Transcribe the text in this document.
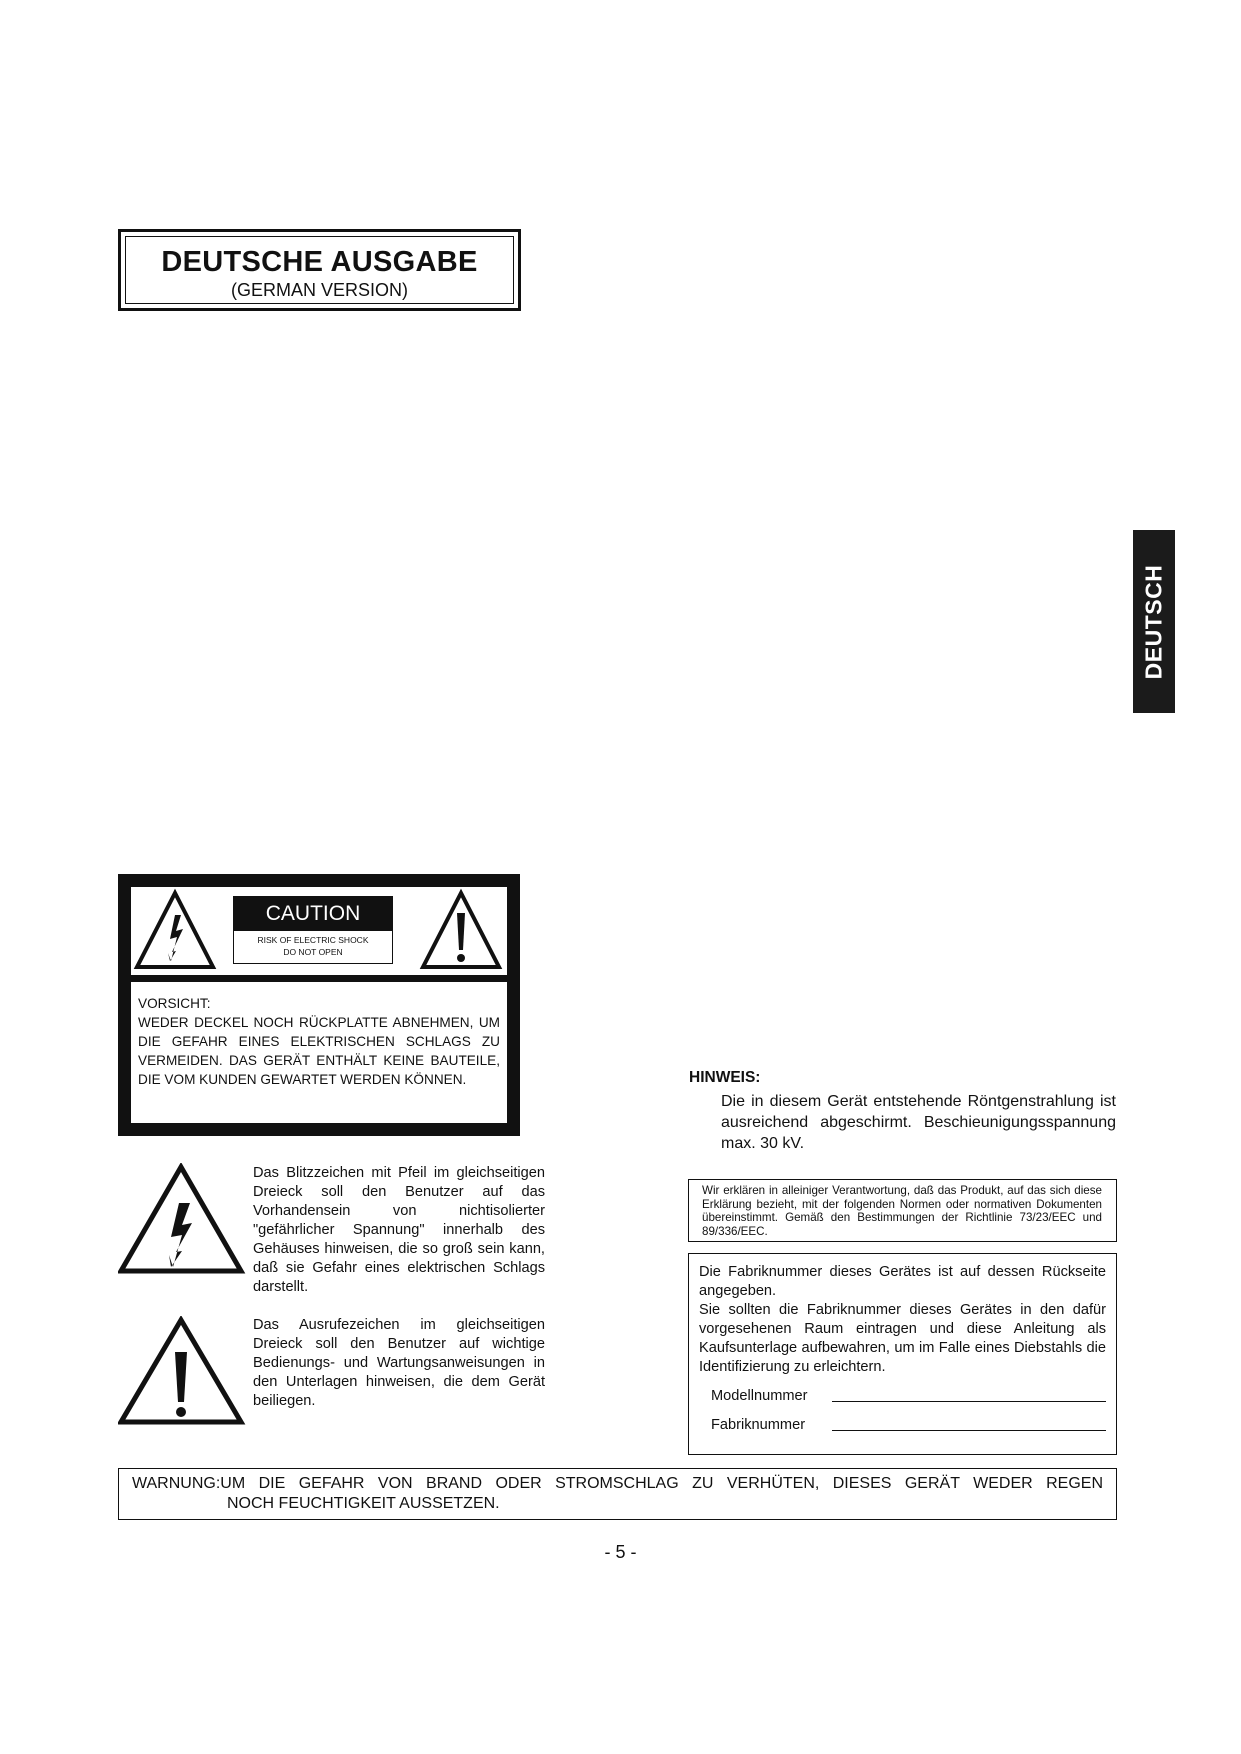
DEUTSCHE AUSGABE
(GERMAN VERSION)
DEUTSCH
VORSICHT:
WEDER DECKEL NOCH RÜCKPLATTE ABNEHMEN, UM DIE GEFAHR EINES ELEKTRISCHEN SCHLAGS ZU VERMEIDEN. DAS GERÄT ENTHÄLT KEINE BAUTEILE, DIE VOM KUNDEN GEWARTET WERDEN KÖNNEN.
CAUTION
RISK OF ELECTRIC SHOCK
DO NOT OPEN
Das Blitzzeichen mit Pfeil im gleichseitigen Dreieck soll den Benutzer auf das Vorhandensein von nichtisolierter "gefährlicher Spannung" innerhalb des Gehäuses hinweisen, die so groß sein kann, daß sie Gefahr eines elektrischen Schlags darstellt.
Das Ausrufezeichen im gleichseitigen Dreieck soll den Benutzer auf wichtige Bedienungs- und Wartungsanweisungen in den Unterlagen hinweisen, die dem Gerät beiliegen.
HINWEIS:
Die in diesem Gerät entstehende Röntgenstrahlung ist ausreichend abgeschirmt. Beschieunigungsspannung max. 30 kV.
Wir erklären in alleiniger Verantwortung, daß das Produkt, auf das sich diese Erklärung bezieht, mit der folgenden Normen oder normativen Dokumenten übereinstimmt. Gemäß den Bestimmungen der Richtlinie 73/23/EEC und 89/336/EEC.
Die Fabriknummer dieses Gerätes ist auf dessen Rückseite angegeben.
Sie sollten die Fabriknummer dieses Gerätes in den dafür vorgesehenen Raum eintragen und diese Anleitung als Kaufsunterlage aufbewahren, um im Falle eines Diebstahls die Identifizierung zu erleichtern.
Modellnummer
Fabriknummer
WARNUNG:UM DIE GEFAHR VON BRAND ODER STROMSCHLAG ZU VERHÜTEN, DIESES GERÄT WEDER REGEN
NOCH FEUCHTIGKEIT AUSSETZEN.
- 5 -
